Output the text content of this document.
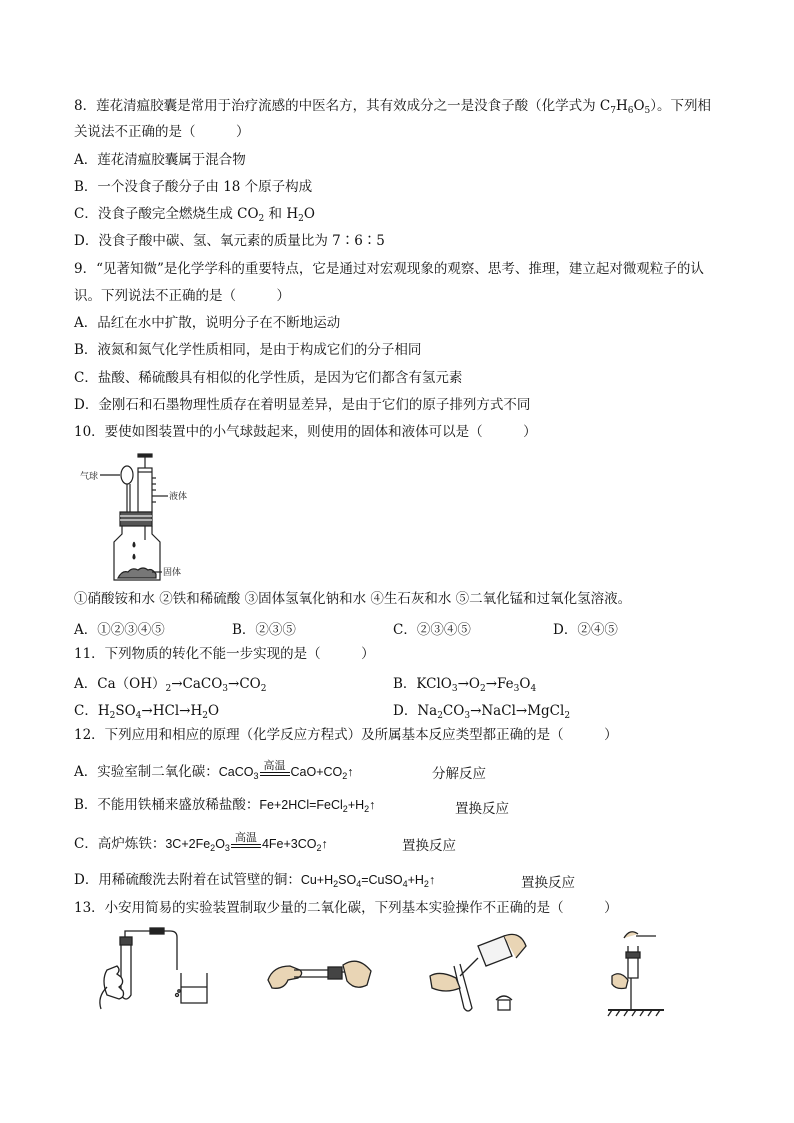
8．莲花清瘟胶囊是常用于治疗流感的中医名方，其有效成分之一是没食子酸（化学式为 $C_7H_6O_5$）。下列相
关说法不正确的是（　　　）
A．莲花清瘟胶囊属于混合物
B．一个没食子酸分子由 18 个原子构成
C．没食子酸完全燃烧生成 $CO_2$ 和 $H_2O$
D．没食子酸中碳、氢、氧元素的质量比为 7∶6∶5
9．“见著知微”是化学学科的重要特点，它是通过对宏观现象的观察、思考、推理，建立起对微观粒子的认
识。下列说法不正确的是（　　　）
A．品红在水中扩散，说明分子在不断地运动
B．液氮和氮气化学性质相同，是由于构成它们的分子相同
C．盐酸、稀硫酸具有相似的化学性质，是因为它们都含有氢元素
D．金刚石和石墨物理性质存在着明显差异，是由于它们的原子排列方式不同
10．要使如图装置中的小气球鼓起来，则使用的固体和液体可以是（　　　）
气球
液体
固体
①硝酸铵和水 ②铁和稀硫酸 ③固体氢氧化钠和水 ④生石灰和水 ⑤二氧化锰和过氧化氢溶液。
A．①②③④⑤	B．②③⑤	C．②③④⑤	D．②④⑤
11．下列物质的转化不能一步实现的是（　　　）
A．$Ca(OH)_2\to CaCO_3\to CO_2$	B．$KClO_3\to O_2\to Fe_3O_4$
C．$H_2SO_4\to HCl\to H_2O$	D．$Na_2CO_3\to NaCl\to MgCl_2$
12．下列应用和相应的原理（化学反应方程式）及所属基本反应类型都正确的是（　　　）
A．实验室制二氧化碳：CaCO$_3$
高温 $CaO+CO_2↑$	分解反应
B．不能用铁桶来盛放稀盐酸：$Fe+2HCl=FeCl_2+H_2↑$	置换反应
C．高炉炼铁：$3C+2Fe_2O_3$
高温 $4Fe+3CO_2↑$	置换反应
D．用稀硫酸洗去附着在试管壁的铜：$Cu+H_2SO_4=CuSO_4+H_2↑$	置换反应
13．小安用简易的实验装置制取少量的二氧化碳，下列基本实验操作不正确的是（　　　）
